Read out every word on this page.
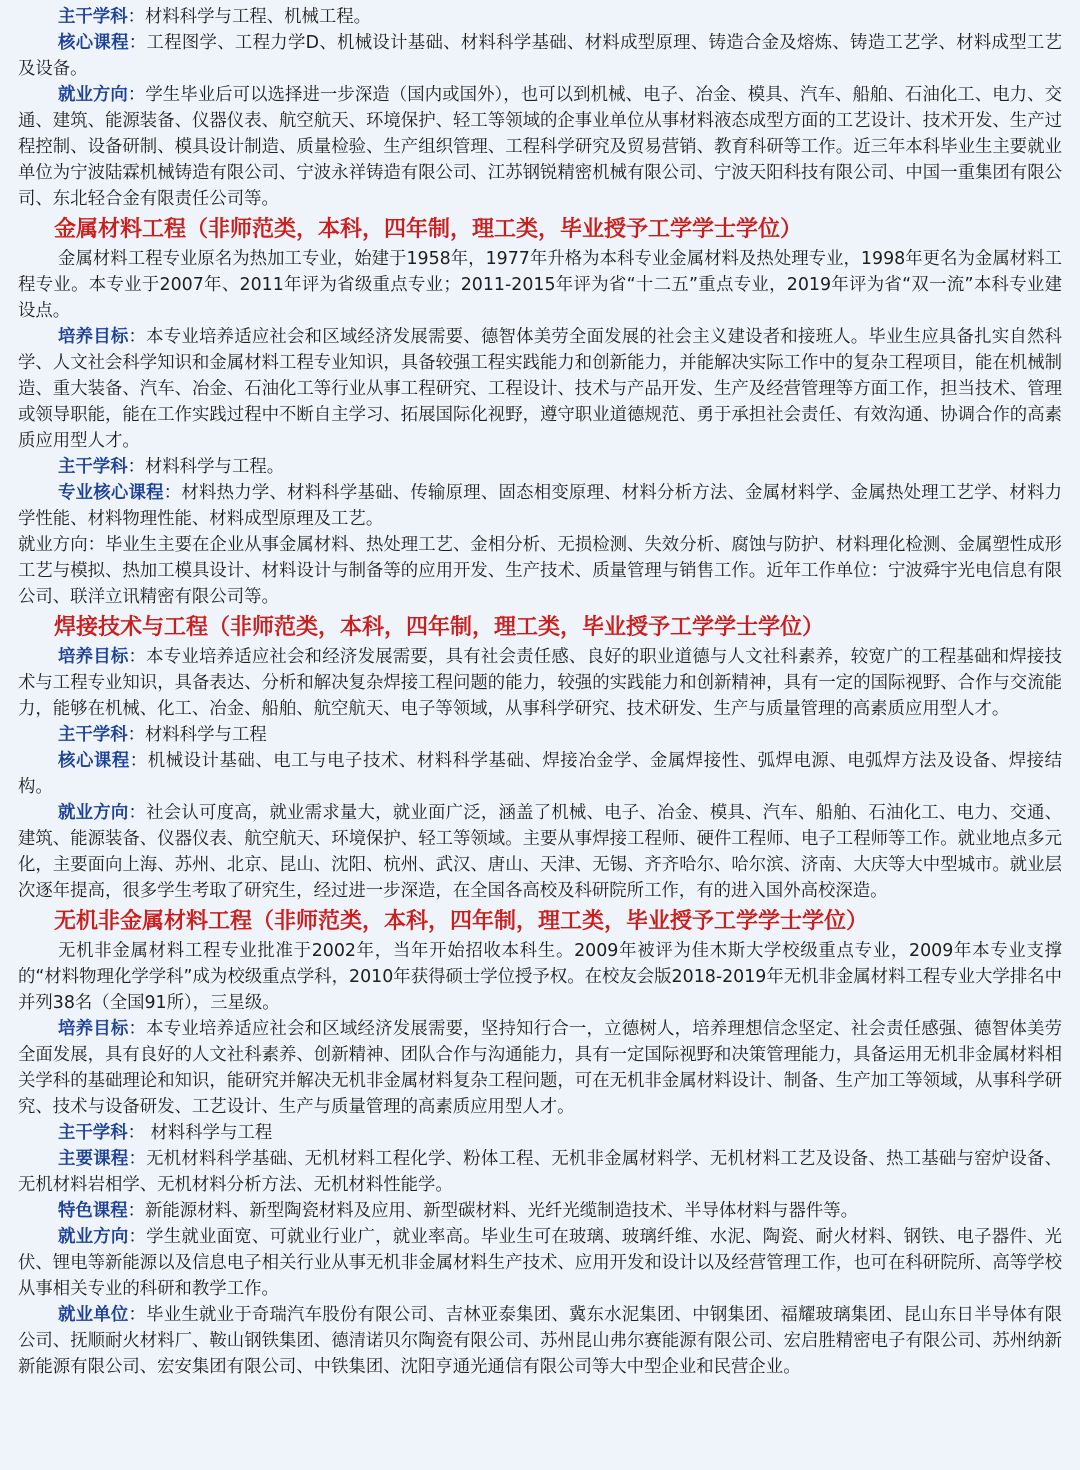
主干学科：材料科学与工程、机械工程。

核心课程：工程图学、工程力学D、机械设计基础、材料科学基础、材料成型原理、铸造合金及熔炼、铸造工艺学、材料成型工艺及设备。

就业方向：学生毕业后可以选择进一步深造（国内或国外），也可以到机械、电子、冶金、模具、汽车、船舶、石油化工、电力、交通、建筑、能源装备、仪器仪表、航空航天、环境保护、轻工等领域的企事业单位从事材料液态成型方面的工艺设计、技术开发、生产过程控制、设备研制、模具设计制造、质量检验、生产组织管理、工程科学研究及贸易营销、教育科研等工作。近三年本科毕业生主要就业单位为宁波陆霖机械铸造有限公司、宁波永祥铸造有限公司、江苏钢锐精密机械有限公司、宁波天阳科技有限公司、中国一重集团有限公司、东北轻合金有限责任公司等。

金属材料工程（非师范类，本科，四年制，理工类，毕业授予工学学士学位）

金属材料工程专业原名为热加工专业，始建于1958年，1977年升格为本科专业金属材料及热处理专业，1998年更名为金属材料工程专业。本专业于2007年、2011年评为省级重点专业；2011-2015年评为省“十二五”重点专业，2019年评为省“双一流”本科专业建设点。

培养目标：本专业培养适应社会和区域经济发展需要、德智体美劳全面发展的社会主义建设者和接班人。毕业生应具备扎实自然科学、人文社会科学知识和金属材料工程专业知识，具备较强工程实践能力和创新能力，并能解决实际工作中的复杂工程项目，能在机械制造、重大装备、汽车、冶金、石油化工等行业从事工程研究、工程设计、技术与产品开发、生产及经营管理等方面工作，担当技术、管理或领导职能，能在工作实践过程中不断自主学习、拓展国际化视野，遵守职业道德规范、勇于承担社会责任、有效沟通、协调合作的高素质应用型人才。

主干学科：材料科学与工程。

专业核心课程：材料热力学、材料科学基础、传输原理、固态相变原理、材料分析方法、金属材料学、金属热处理工艺学、材料力学性能、材料物理性能、材料成型原理及工艺。

就业方向：毕业生主要在企业从事金属材料、热处理工艺、金相分析、无损检测、失效分析、腐蚀与防护、材料理化检测、金属塑性成形工艺与模拟、热加工模具设计、材料设计与制备等的应用开发、生产技术、质量管理与销售工作。近年工作单位：宁波舜宇光电信息有限公司、联洋立讯精密有限公司等。

焊接技术与工程（非师范类，本科，四年制，理工类，毕业授予工学学士学位）

培养目标：本专业培养适应社会和经济发展需要，具有社会责任感、良好的职业道德与人文社科素养，较宽广的工程基础和焊接技术与工程专业知识，具备表达、分析和解决复杂焊接工程问题的能力，较强的实践能力和创新精神，具有一定的国际视野、合作与交流能力，能够在机械、化工、冶金、船舶、航空航天、电子等领域，从事科学研究、技术研发、生产与质量管理的高素质应用型人才。

主干学科：材料科学与工程

核心课程：机械设计基础、电工与电子技术、材料科学基础、焊接冶金学、金属焊接性、弧焊电源、电弧焊方法及设备、焊接结构。

就业方向：社会认可度高，就业需求量大，就业面广泛，涵盖了机械、电子、冶金、模具、汽车、船舶、石油化工、电力、交通、建筑、能源装备、仪器仪表、航空航天、环境保护、轻工等领域。主要从事焊接工程师、硬件工程师、电子工程师等工作。就业地点多元化，主要面向上海、苏州、北京、昆山、沈阳、杭州、武汉、唐山、天津、无锡、齐齐哈尔、哈尔滨、济南、大庆等大中型城市。就业层次逐年提高，很多学生考取了研究生，经过进一步深造，在全国各高校及科研院所工作，有的进入国外高校深造。

无机非金属材料工程（非师范类，本科，四年制，理工类，毕业授予工学学士学位）

无机非金属材料工程专业批准于2002年，当年开始招收本科生。2009年被评为佳木斯大学校级重点专业，2009年本专业支撑的“材料物理化学学科”成为校级重点学科，2010年获得硕士学位授予权。在校友会版2018-2019年无机非金属材料工程专业大学排名中并列38名（全国91所），三星级。

培养目标：本专业培养适应社会和区域经济发展需要，坚持知行合一，立德树人，培养理想信念坚定、社会责任感强、德智体美劳全面发展，具有良好的人文社科素养、创新精神、团队合作与沟通能力，具有一定国际视野和决策管理能力，具备运用无机非金属材料相关学科的基础理论和知识，能研究并解决无机非金属材料复杂工程问题，可在无机非金属材料设计、制备、生产加工等领域，从事科学研究、技术与设备研发、工艺设计、生产与质量管理的高素质应用型人才。

主干学科： 材料科学与工程

主要课程：无机材料科学基础、无机材料工程化学、粉体工程、无机非金属材料学、无机材料工艺及设备、热工基础与窑炉设备、无机材料岩相学、无机材料分析方法、无机材料性能学。

特色课程：新能源材料、新型陶瓷材料及应用、新型碳材料、光纤光缆制造技术、半导体材料与器件等。

就业方向：学生就业面宽、可就业行业广，就业率高。毕业生可在玻璃、玻璃纤维、水泥、陶瓷、耐火材料、钢铁、电子器件、光伏、锂电等新能源以及信息电子相关行业从事无机非金属材料生产技术、应用开发和设计以及经营管理工作，也可在科研院所、高等学校从事相关专业的科研和教学工作。

就业单位：毕业生就业于奇瑞汽车股份有限公司、吉林亚泰集团、冀东水泥集团、中钢集团、福耀玻璃集团、昆山东日半导体有限公司、抚顺耐火材料厂、鞍山钢铁集团、德清诺贝尔陶瓷有限公司、苏州昆山弗尔赛能源有限公司、宏启胜精密电子有限公司、苏州纳新新能源有限公司、宏安集团有限公司、中铁集团、沈阳亨通光通信有限公司等大中型企业和民营企业。
